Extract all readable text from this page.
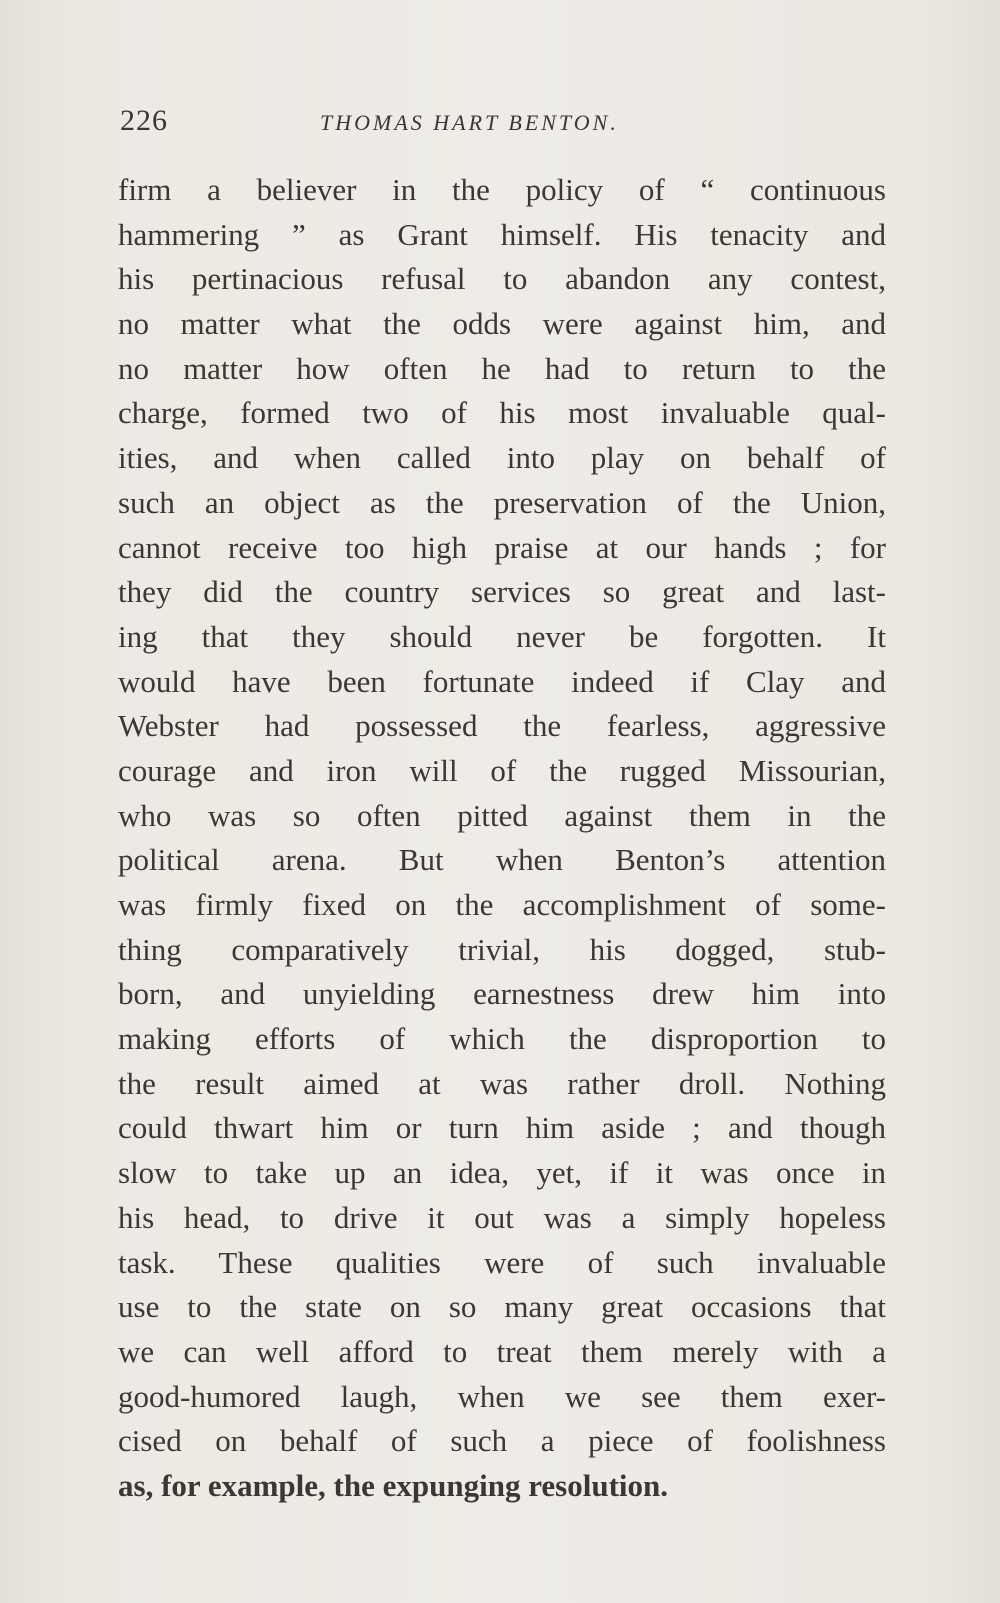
226	THOMAS HART BENTON.
firm a believer in the policy of “ continuous
hammering ” as Grant himself. His tenacity and
his pertinacious refusal to abandon any contest,
no matter what the odds were against him, and
no matter how often he had to return to the
charge, formed two of his most invaluable qual-
ities, and when called into play on behalf of
such an object as the preservation of the Union,
cannot receive too high praise at our hands ; for
they did the country services so great and last-
ing that they should never be forgotten. It
would have been fortunate indeed if Clay and
Webster had possessed the fearless, aggressive
courage and iron will of the rugged Missourian,
who was so often pitted against them in the
political arena. But when Benton’s attention
was firmly fixed on the accomplishment of some-
thing comparatively trivial, his dogged, stub-
born, and unyielding earnestness drew him into
making efforts of which the disproportion to
the result aimed at was rather droll. Nothing
could thwart him or turn him aside ; and though
slow to take up an idea, yet, if it was once in
his head, to drive it out was a simply hopeless
task. These qualities were of such invaluable
use to the state on so many great occasions that
we can well afford to treat them merely with a
good-humored laugh, when we see them exer-
cised on behalf of such a piece of foolishness
as, for example, the expunging resolution.
